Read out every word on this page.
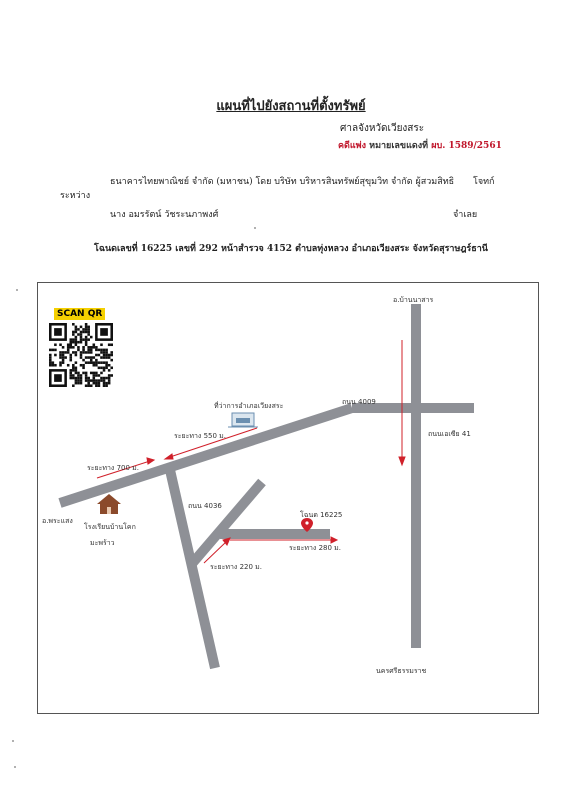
แผนที่ไปยังสถานที่ตั้งทรัพย์
ศาลจังหวัดเวียงสระ
คดีแพ่ง หมายเลขแดงที่ ผบ. 1589/2561
ธนาคารไทยพาณิชย์ จำกัด (มหาชน) โดย บริษัท บริหารสินทรัพย์สุขุมวิท จำกัด ผู้สวมสิทธิ โจทก์
ระหว่าง
นาง อมรรัตน์ วัชระนภาพงศ์	จำเลย
โฉนดเลขที่ 16225 เลขที่ 292 หน้าสำรวจ 4152 ตำบลทุ่งหลวง อำเภอเวียงสระ จังหวัดสุราษฎร์ธานี
SCAN QR
อ.บ้านนาสาร
ถนน 4009
ถนนเอเซีย 41
ที่ว่าการอำเภอเวียงสระ
ระยะทาง 550 ม.
ระยะทาง 700 ม.
ถนน 4036
โฉนด 16225
ระยะทาง 280 ม.
ระยะทาง 220 ม.
อ.พระแสง
โรงเรียนบ้านโคก
มะพร้าว
นครศรีธรรมราช
